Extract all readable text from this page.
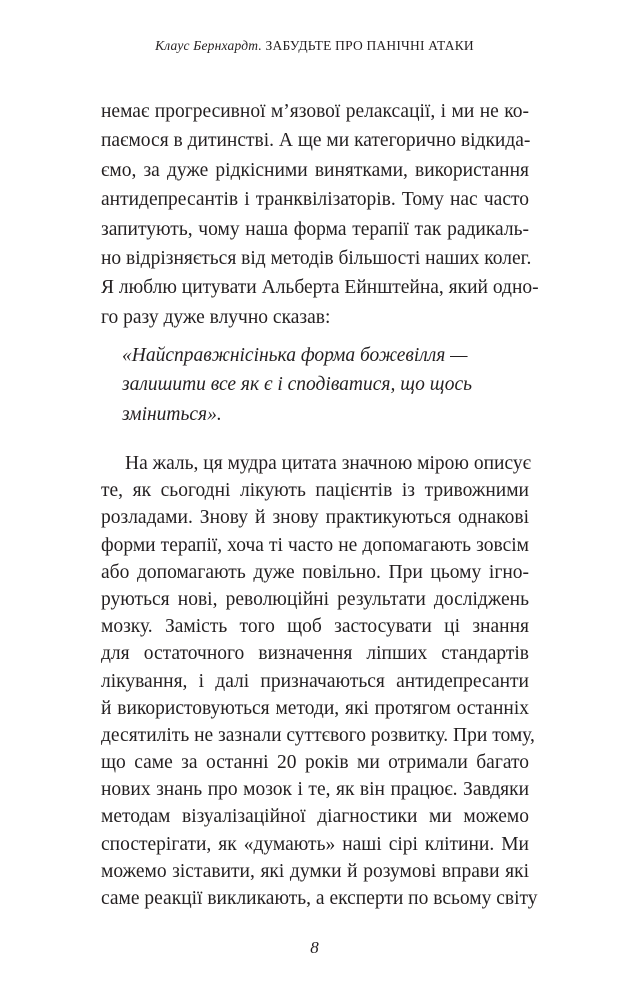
Клаус Бернхардт. ЗАБУДЬТЕ ПРО ПАНІЧНІ АТАКИ
немає прогресивної м’язової релаксації, і ми не ко-
паємося в дитинстві. А ще ми категорично відкида-
ємо, за дуже рідкісними винятками, використання
антидепресантів і транквілізаторів. Тому нас часто
запитують, чому наша форма терапії так радикаль-
но відрізняється від методів більшості наших колег.
Я люблю цитувати Альберта Ейнштейна, який одно-
го разу дуже влучно сказав:
«Найсправжнісінька форма божевілля —
залишити все як є і сподіватися, що щось
зміниться».
На жаль, ця мудра цитата значною мірою описує
те, як сьогодні лікують пацієнтів із тривожними
розладами. Знову й знову практикуються однакові
форми терапії, хоча ті часто не допомагають зовсім
або допомагають дуже повільно. При цьому ігно-
руються нові, революційні результати досліджень
мозку. Замість того щоб застосувати ці знання
для остаточного визначення ліпших стандартів
лікування, і далі призначаються антидепресанти
й використовуються методи, які протягом останніх
десятиліть не зазнали суттєвого розвитку. При тому,
що саме за останні 20 років ми отримали багато
нових знань про мозок і те, як він працює. Завдяки
методам візуалізаційної діагностики ми можемо
спостерігати, як «думають» наші сірі клітини. Ми
можемо зіставити, які думки й розумові вправи які
саме реакції викликають, а експерти по всьому світу
8
